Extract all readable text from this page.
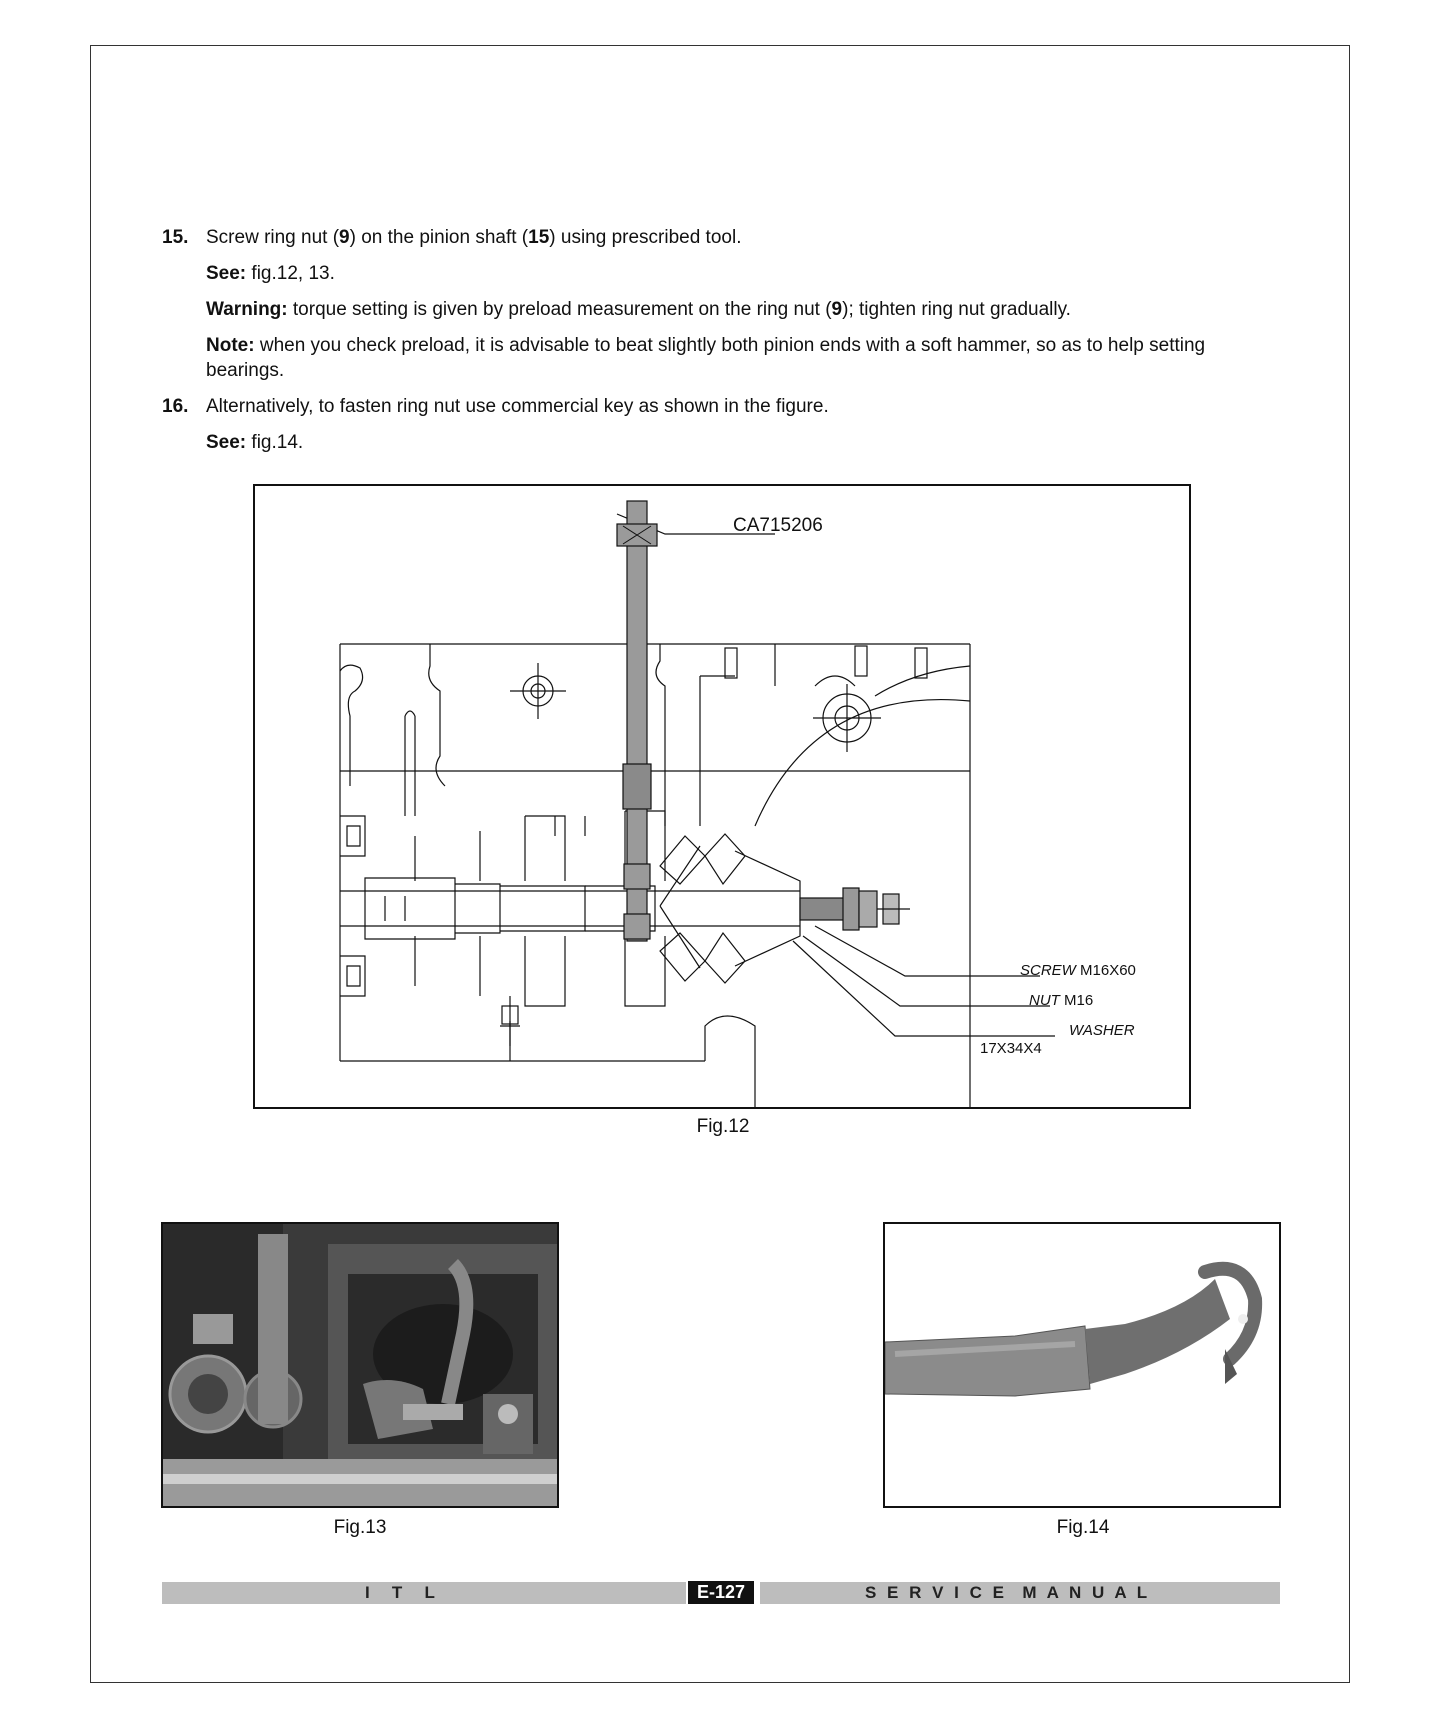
15. Screw ring nut (9) on the pinion shaft (15) using prescribed tool.
See: fig.12, 13.
Warning: torque setting is given by preload measurement on the ring nut (9); tighten ring nut gradually.
Note: when you check preload, it is advisable to beat slightly both pinion ends with a soft hammer, so as to help setting
bearings.
16. Alternatively, to fasten ring nut use commercial key as shown in the figure.
See: fig.14.
CA715206
SCREW M16X60
NUT M16
WASHER
17X34X4
Fig.12
Fig.13	Fig.14
I   T   L	E-127	S E R V I C E  M A N U A L
